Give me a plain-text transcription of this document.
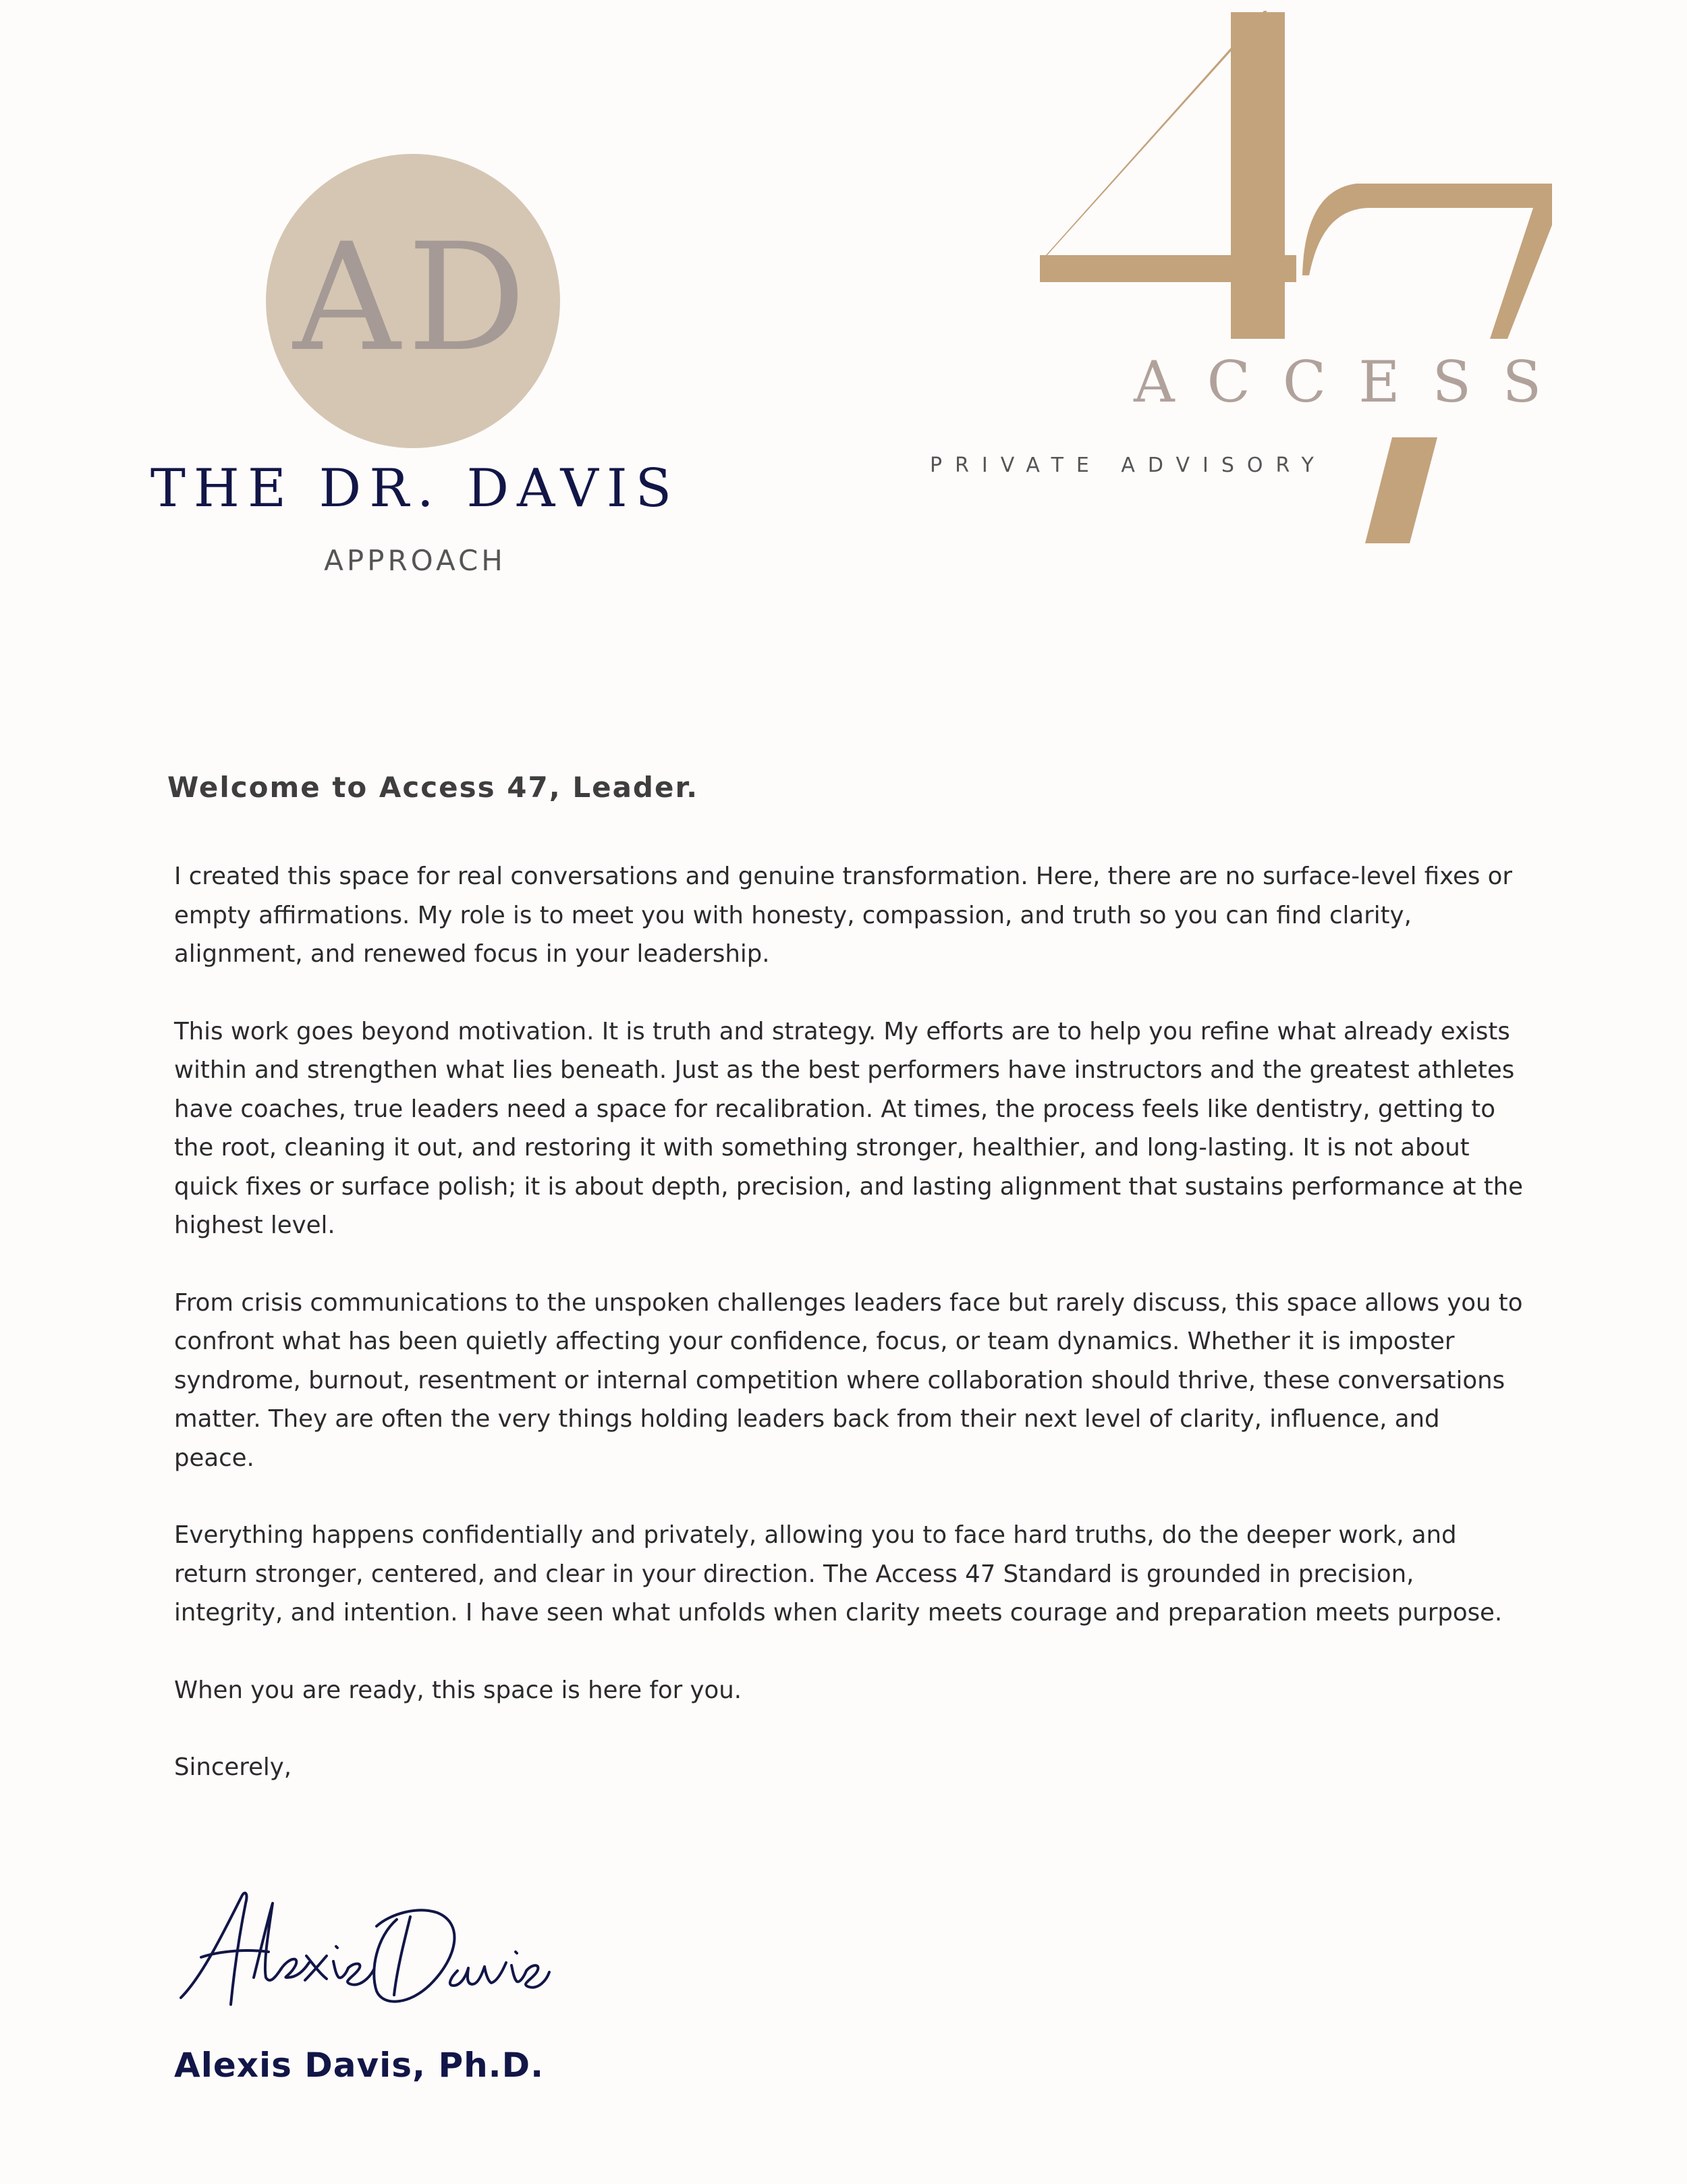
AD
THE DR. DAVIS
APPROACH
ACCESS
PRIVATE ADVISORY
Welcome to Access 47, Leader.

I created this space for real conversations and genuine transformation. Here, there are no surface-level fixes or empty affirmations. My role is to meet you with honesty, compassion, and truth so you can find clarity, alignment, and renewed focus in your leadership.

This work goes beyond motivation. It is truth and strategy. My efforts are to help you refine what already exists within and strengthen what lies beneath. Just as the best performers have instructors and the greatest athletes have coaches, true leaders need a space for recalibration. At times, the process feels like dentistry, getting to the root, cleaning it out, and restoring it with something stronger, healthier, and long-lasting. It is not about quick fixes or surface polish; it is about depth, precision, and lasting alignment that sustains performance at the highest level.

From crisis communications to the unspoken challenges leaders face but rarely discuss, this space allows you to confront what has been quietly affecting your confidence, focus, or team dynamics. Whether it is imposter syndrome, burnout, resentment or internal competition where collaboration should thrive, these conversations matter. They are often the very things holding leaders back from their next level of clarity, influence, and peace.

Everything happens confidentially and privately, allowing you to face hard truths, do the deeper work, and return stronger, centered, and clear in your direction. The Access 47 Standard is grounded in precision, integrity, and intention. I have seen what unfolds when clarity meets courage and preparation meets purpose.

When you are ready, this space is here for you.

Sincerely,

Alexis Davis, Ph.D.
